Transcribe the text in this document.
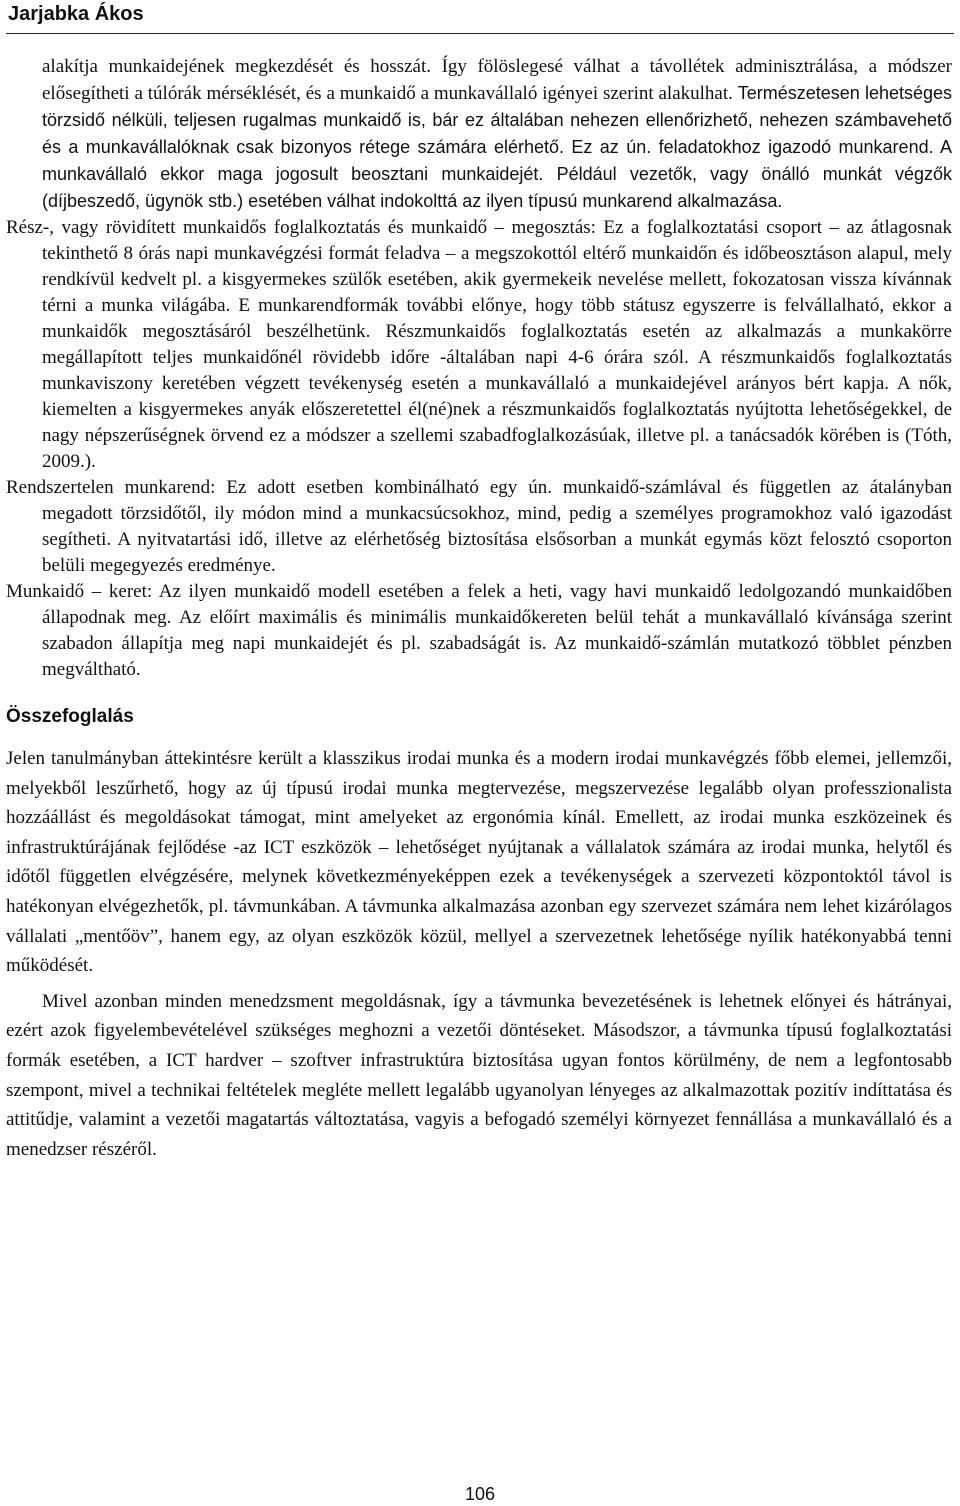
Jarjabka Ákos

alakítja munkaidejének megkezdését és hosszát. Így fölöslegesé válhat a távollétek adminisztrálása, a módszer elősegítheti a túlórák mérséklését, és a munkaidő a munkavállaló igényei szerint alakulhat. Természetesen lehetséges törzsidő nélküli, teljesen rugalmas munkaidő is, bár ez általában nehezen ellenőrizhető, nehezen számbavehető és a munkavállalóknak csak bizonyos rétege számára elérhető. Ez az ún. feladatokhoz igazodó munkarend. A munkavállaló ekkor maga jogosult beosztani munkaidejét. Például vezetők, vagy önálló munkát végzők (díjbeszedő, ügynök stb.) esetében válhat indokolttá az ilyen típusú munkarend alkalmazása.

Rész-, vagy rövidített munkaidős foglalkoztatás és munkaidő – megosztás: Ez a foglalkoztatási csoport – az átlagosnak tekinthető 8 órás napi munkavégzési formát feladva – a megszokottól eltérő munkaidőn és időbeosztáson alapul, mely rendkívül kedvelt pl. a kisgyermekes szülők esetében, akik gyermekeik nevelése mellett, fokozatosan vissza kívánnak térni a munka világába. E munkarendformák további előnye, hogy több státusz egyszerre is felvállalható, ekkor a munkaidők megosztásáról beszélhetünk. Részmunkaidős foglalkoztatás esetén az alkalmazás a munkakörre megállapított teljes munkaidőnél rövidebb időre -általában napi 4-6 órára szól. A részmunkaidős foglalkoztatás munkaviszony keretében végzett tevékenység esetén a munkavállaló a munkaidejével arányos bért kapja. A nők, kiemelten a kisgyermekes anyák előszeretettel él(né)nek a részmunkaidős foglalkoztatás nyújtotta lehetőségekkel, de nagy népszerűségnek örvend ez a módszer a szellemi szabadfoglalkozásúak, illetve pl. a tanácsadók körében is (Tóth, 2009.).

Rendszertelen munkarend: Ez adott esetben kombinálható egy ún. munkaidő-számlával és független az átalányban megadott törzsidőtől, ily módon mind a munkacsúcsokhoz, mind, pedig a személyes programokhoz való igazodást segítheti. A nyitvatartási idő, illetve az elérhetőség biztosítása elsősorban a munkát egymás közt felosztó csoporton belüli megegyezés eredménye.

Munkaidő – keret: Az ilyen munkaidő modell esetében a felek a heti, vagy havi munkaidő ledolgozandó munkaidőben állapodnak meg. Az előírt maximális és minimális munkaidőkereten belül tehát a munkavállaló kívánsága szerint szabadon állapítja meg napi munkaidejét és pl. szabadságát is. Az munkaidő-számlán mutatkozó többlet pénzben megváltható.

Összefoglalás

Jelen tanulmányban áttekintésre került a klasszikus irodai munka és a modern irodai munkavégzés főbb elemei, jellemzői, melyekből leszűrhető, hogy az új típusú irodai munka megtervezése, megszervezése legalább olyan professzionalista hozzáállást és megoldásokat támogat, mint amelyeket az ergonómia kínál. Emellett, az irodai munka eszközeinek és infrastruktúrájának fejlődése -az ICT eszközök – lehetőséget nyújtanak a vállalatok számára az irodai munka, helytől és időtől független elvégzésére, melynek következményeképpen ezek a tevékenységek a szervezeti központoktól távol is hatékonyan elvégezhetők, pl. távmunkában. A távmunka alkalmazása azonban egy szervezet számára nem lehet kizárólagos vállalati „mentőöv”, hanem egy, az olyan eszközök közül, mellyel a szervezetnek lehetősége nyílik hatékonyabbá tenni működését.

Mivel azonban minden menedzsment megoldásnak, így a távmunka bevezetésének is lehetnek előnyei és hátrányai, ezért azok figyelembevételével szükséges meghozni a vezetői döntéseket. Másodszor, a távmunka típusú foglalkoztatási formák esetében, a ICT hardver – szoftver infrastruktúra biztosítása ugyan fontos körülmény, de nem a legfontosabb szempont, mivel a technikai feltételek megléte mellett legalább ugyanolyan lényeges az alkalmazottak pozitív indíttatása és attitűdje, valamint a vezetői magatartás változtatása, vagyis a befogadó személyi környezet fennállása a munkavállaló és a menedzser részéről.

106
